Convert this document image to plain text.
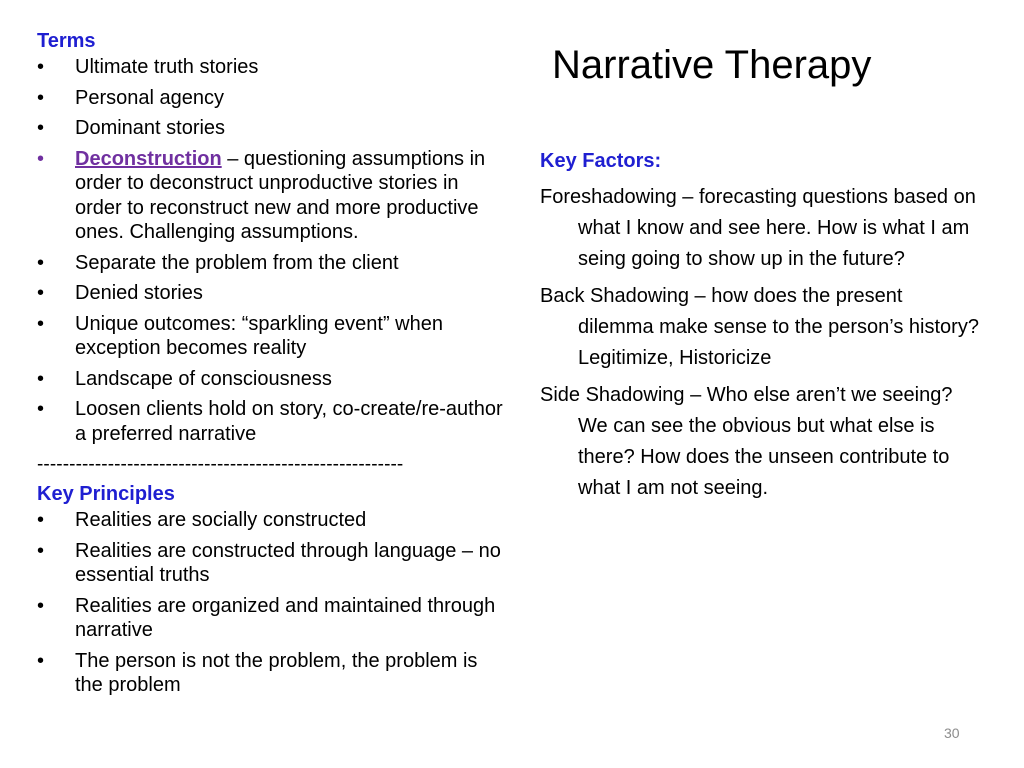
Terms

• Ultimate truth stories
• Personal agency
• Dominant stories
• Deconstruction – questioning assumptions in order to deconstruct unproductive stories in order to reconstruct new and more productive ones. Challenging assumptions.
• Separate the problem from the client
• Denied stories
• Unique outcomes: “sparkling event” when exception becomes reality
• Landscape of consciousness
• Loosen clients hold on story, co-create/re-author a preferred narrative

---------------------------------------------------------

Key Principles

• Realities are socially constructed
• Realities are constructed through language – no essential truths
• Realities are organized and maintained through narrative
• The person is not the problem, the problem is the problem
Narrative Therapy

Key Factors:

Foreshadowing – forecasting questions based on what I know and see here. How is what I am seing going to show up in the future?

Back Shadowing – how does the present dilemma make sense to the person’s history? Legitimize, Historicize

Side Shadowing – Who else aren’t we seeing? We can see the obvious but what else is there? How does the unseen contribute to what I am not seeing.

30
